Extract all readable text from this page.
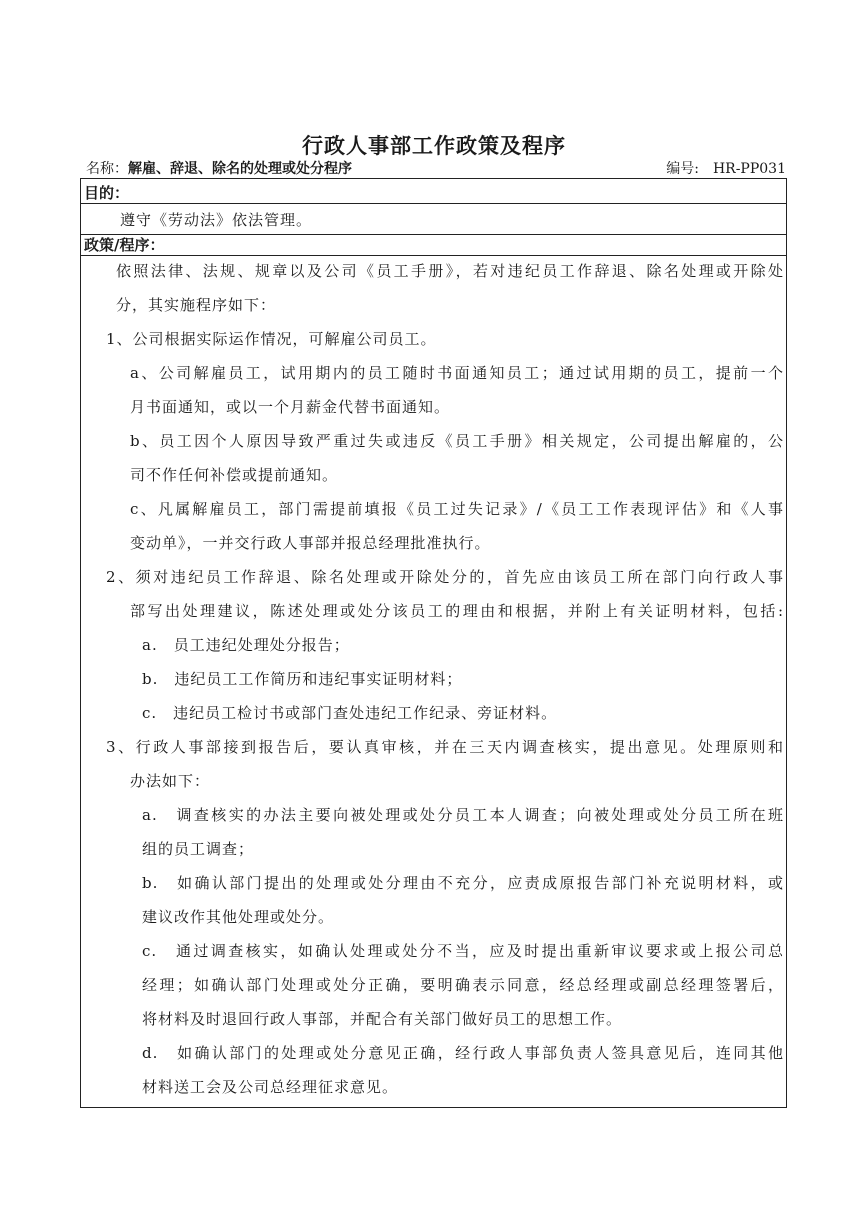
行政人事部工作政策及程序
名称：解雇、辞退、除名的处理或处分程序	编号: HR-PP031
目的：
遵守《劳动法》依法管理。
政策/程序：
依照法律、法规、规章以及公司《员工手册》，若对违纪员工作辞退、除名处理或开除处
分，其实施程序如下：
1、公司根据实际运作情况，可解雇公司员工。
a、公司解雇员工，试用期内的员工随时书面通知员工；通过试用期的员工，提前一个
月书面通知，或以一个月薪金代替书面通知。
b、员工因个人原因导致严重过失或违反《员工手册》相关规定，公司提出解雇的，公
司不作任何补偿或提前通知。
c、凡属解雇员工，部门需提前填报《员工过失记录》/《员工工作表现评估》和《人事
变动单》，一并交行政人事部并报总经理批准执行。
2、须对违纪员工作辞退、除名处理或开除处分的，首先应由该员工所在部门向行政人事
部写出处理建议，陈述处理或处分该员工的理由和根据，并附上有关证明材料，包括:
a.　员工违纪处理处分报告；
b.　违纪员工工作简历和违纪事实证明材料；
c.　违纪员工检讨书或部门查处违纪工作纪录、旁证材料。
3、行政人事部接到报告后，要认真审核，并在三天内调查核实，提出意见。处理原则和
办法如下：
a.　调查核实的办法主要向被处理或处分员工本人调查；向被处理或处分员工所在班
组的员工调查；
b.　如确认部门提出的处理或处分理由不充分，应责成原报告部门补充说明材料，或
建议改作其他处理或处分。
c.　通过调查核实，如确认处理或处分不当，应及时提出重新审议要求或上报公司总
经理；如确认部门处理或处分正确，要明确表示同意，经总经理或副总经理签署后，
将材料及时退回行政人事部，并配合有关部门做好员工的思想工作。
d.　如确认部门的处理或处分意见正确，经行政人事部负责人签具意见后，连同其他
材料送工会及公司总经理征求意见。
